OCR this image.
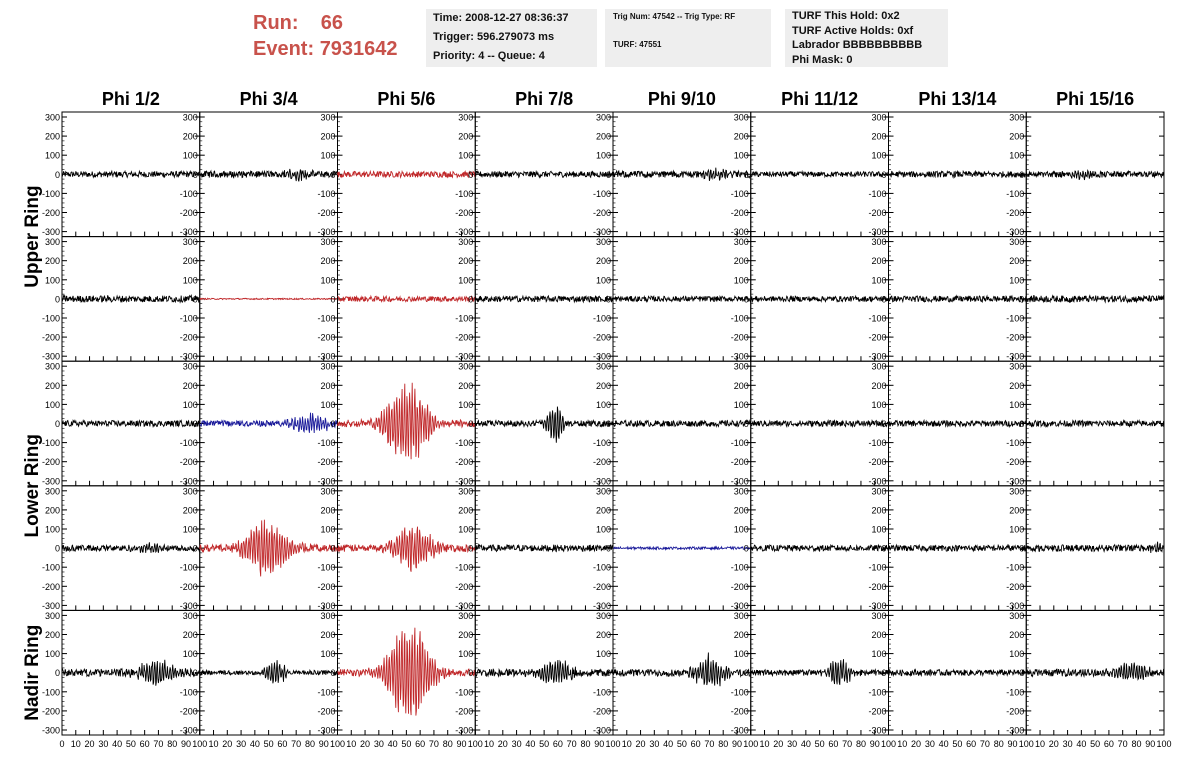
Run: 66
Event: 7931642
Time: 2008-12-27 08:36:37
Trigger: 596.279073 ms
Priority: 4 -- Queue: 4
Trig Num: 47542 -- Trig Type: RF
TURF: 47551
TURF This Hold: 0x2
TURF Active Holds: 0xf
Labrador BBBBBBBBBB
Phi Mask: 0
Phi 1/2	Phi 3/4	Phi 5/6	Phi 7/8	Phi 9/10	Phi 11/12	Phi 13/14	Phi 15/16
Upper Ring
Lower Ring
Nadir Ring
300
200
100
0
-100
-200
-300
300
200
100
0
-100
-200
-300
300
200
100
0
-100
-200
-300
300
200
100
0
-100
-200
-300
300
200
100
0
-100
-200
-300
300
200
100
0
-100
-200
-300
300
200
100
0
-100
-200
-300
300
200
100
0
-100
-200
-300
300
200
100
0
-100
-200
-300
300
200
100
0
-100
-200
-300
300
200
100
0
-100
-200
-300
300
200
100
0
-100
-200
-300
300
200
100
0
-100
-200
-300
300
200
100
0
-100
-200
-300
300
200
100
0
-100
-200
-300
300
200
100
0
-100
-200
-300
300
200
100
0
-100
-200
-300
300
200
100
0
-100
-200
-300
300
200
100
0
-100
-200
-300
300
200
100
0
-100
-200
-300
300
200
100
0
-100
-200
-300
300
200
100
0
-100
-200
-300
300
200
100
0
-100
-200
-300
300
200
100
0
-100
-200
-300
300
200
100
0
-100
-200
-300
300
200
100
0
-100
-200
-300
300
200
100
0
-100
-200
-300
300
200
100
0
-100
-200
-300
300
200
100
0
-100
-200
-300
300
200
100
0
-100
-200
-300
300
200
100
0
-100
-200
-300
300
200
100
0
-100
-200
-300
300
200
100
0
-100
-200
-300
300
200
100
0
-100
-200
-300
300
200
100
0
-100
-200
-300
300
200
100
0
-100
-200
-300
300
200
100
0
-100
-200
-300
300
200
100
0
-100
-200
-300
300
200
100
0
-100
-200
-300
300
200
100
0
-100
-200
-300
0 10 20 30 40 50 60 70 80 90 100 10 20 30 40 50 60 70 80 90 100 10 20 30 40 50 60 70 80 90 100 10 20 30 40 50 60 70 80 90 100 10 20 30 40 50 60 70 80 90 100 10 20 30 40 50 60 70 80 90 100 10 20 30 40 50 60 70 80 90 100 10 20 30 40 50 60 70 80 90 100
